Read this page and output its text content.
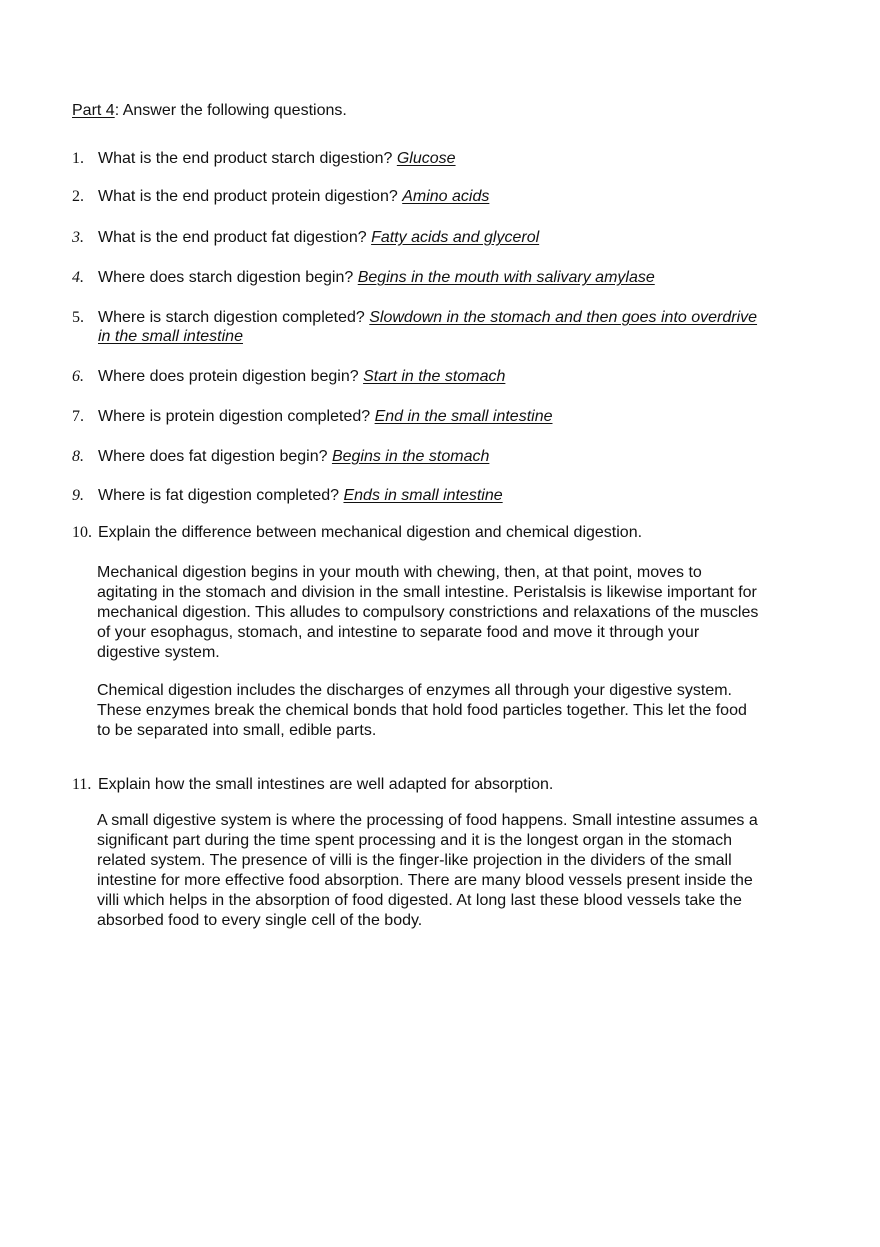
Part 4: Answer the following questions.
1. What is the end product starch digestion? Glucose
2. What is the end product protein digestion? Amino acids
3. What is the end product fat digestion? Fatty acids and glycerol
4. Where does starch digestion begin? Begins in the mouth with salivary amylase
5. Where is starch digestion completed? Slowdown in the stomach and then goes into overdrive
in the small intestine
6. Where does protein digestion begin? Start in the stomach
7. Where is protein digestion completed? End in the small intestine
8. Where does fat digestion begin? Begins in the stomach
9. Where is fat digestion completed? Ends in small intestine
10. Explain the difference between mechanical digestion and chemical digestion.
Mechanical digestion begins in your mouth with chewing, then, at that point, moves to
agitating in the stomach and division in the small intestine. Peristalsis is likewise important for
mechanical digestion. This alludes to compulsory constrictions and relaxations of the muscles
of your esophagus, stomach, and intestine to separate food and move it through your
digestive system.
Chemical digestion includes the discharges of enzymes all through your digestive system.
These enzymes break the chemical bonds that hold food particles together. This let the food
to be separated into small, edible parts.
11. Explain how the small intestines are well adapted for absorption.
A small digestive system is where the processing of food happens. Small intestine assumes a
significant part during the time spent processing and it is the longest organ in the stomach
related system. The presence of villi is the finger-like projection in the dividers of the small
intestine for more effective food absorption. There are many blood vessels present inside the
villi which helps in the absorption of food digested. At long last these blood vessels take the
absorbed food to every single cell of the body.
